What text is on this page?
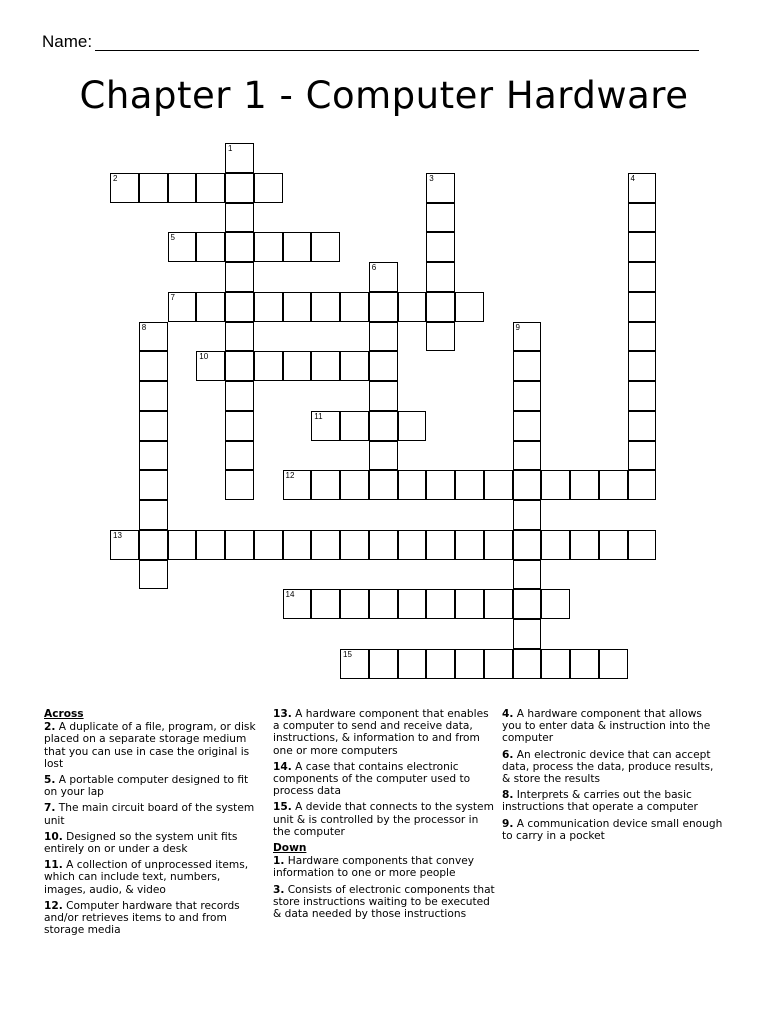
Name:
Chapter 1 - Computer Hardware
1
2	3	4
5
6
7
8	9
10
11
12
13
14
15
Across
2. A duplicate of a file, program, or disk placed on a separate storage medium that you can use in case the original is lost
5. A portable computer designed to fit on your lap
7. The main circuit board of the system unit
10. Designed so the system unit fits entirely on or under a desk
11. A collection of unprocessed items, which can include text, numbers, images, audio, & video
12. Computer hardware that records and/or retrieves items to and from storage media
13. A hardware component that enables a computer to send and receive data, instructions, & information to and from one or more computers
14. A case that contains electronic components of the computer used to process data
15. A devide that connects to the system unit & is controlled by the processor in the computer
Down
1. Hardware components that convey information to one or more people
3. Consists of electronic components that store instructions waiting to be executed & data needed by those instructions
4. A hardware component that allows you to enter data & instruction into the computer
6. An electronic device that can accept data, process the data, produce results, & store the results
8. Interprets & carries out the basic instructions that operate a computer
9. A communication device small enough to carry in a pocket
